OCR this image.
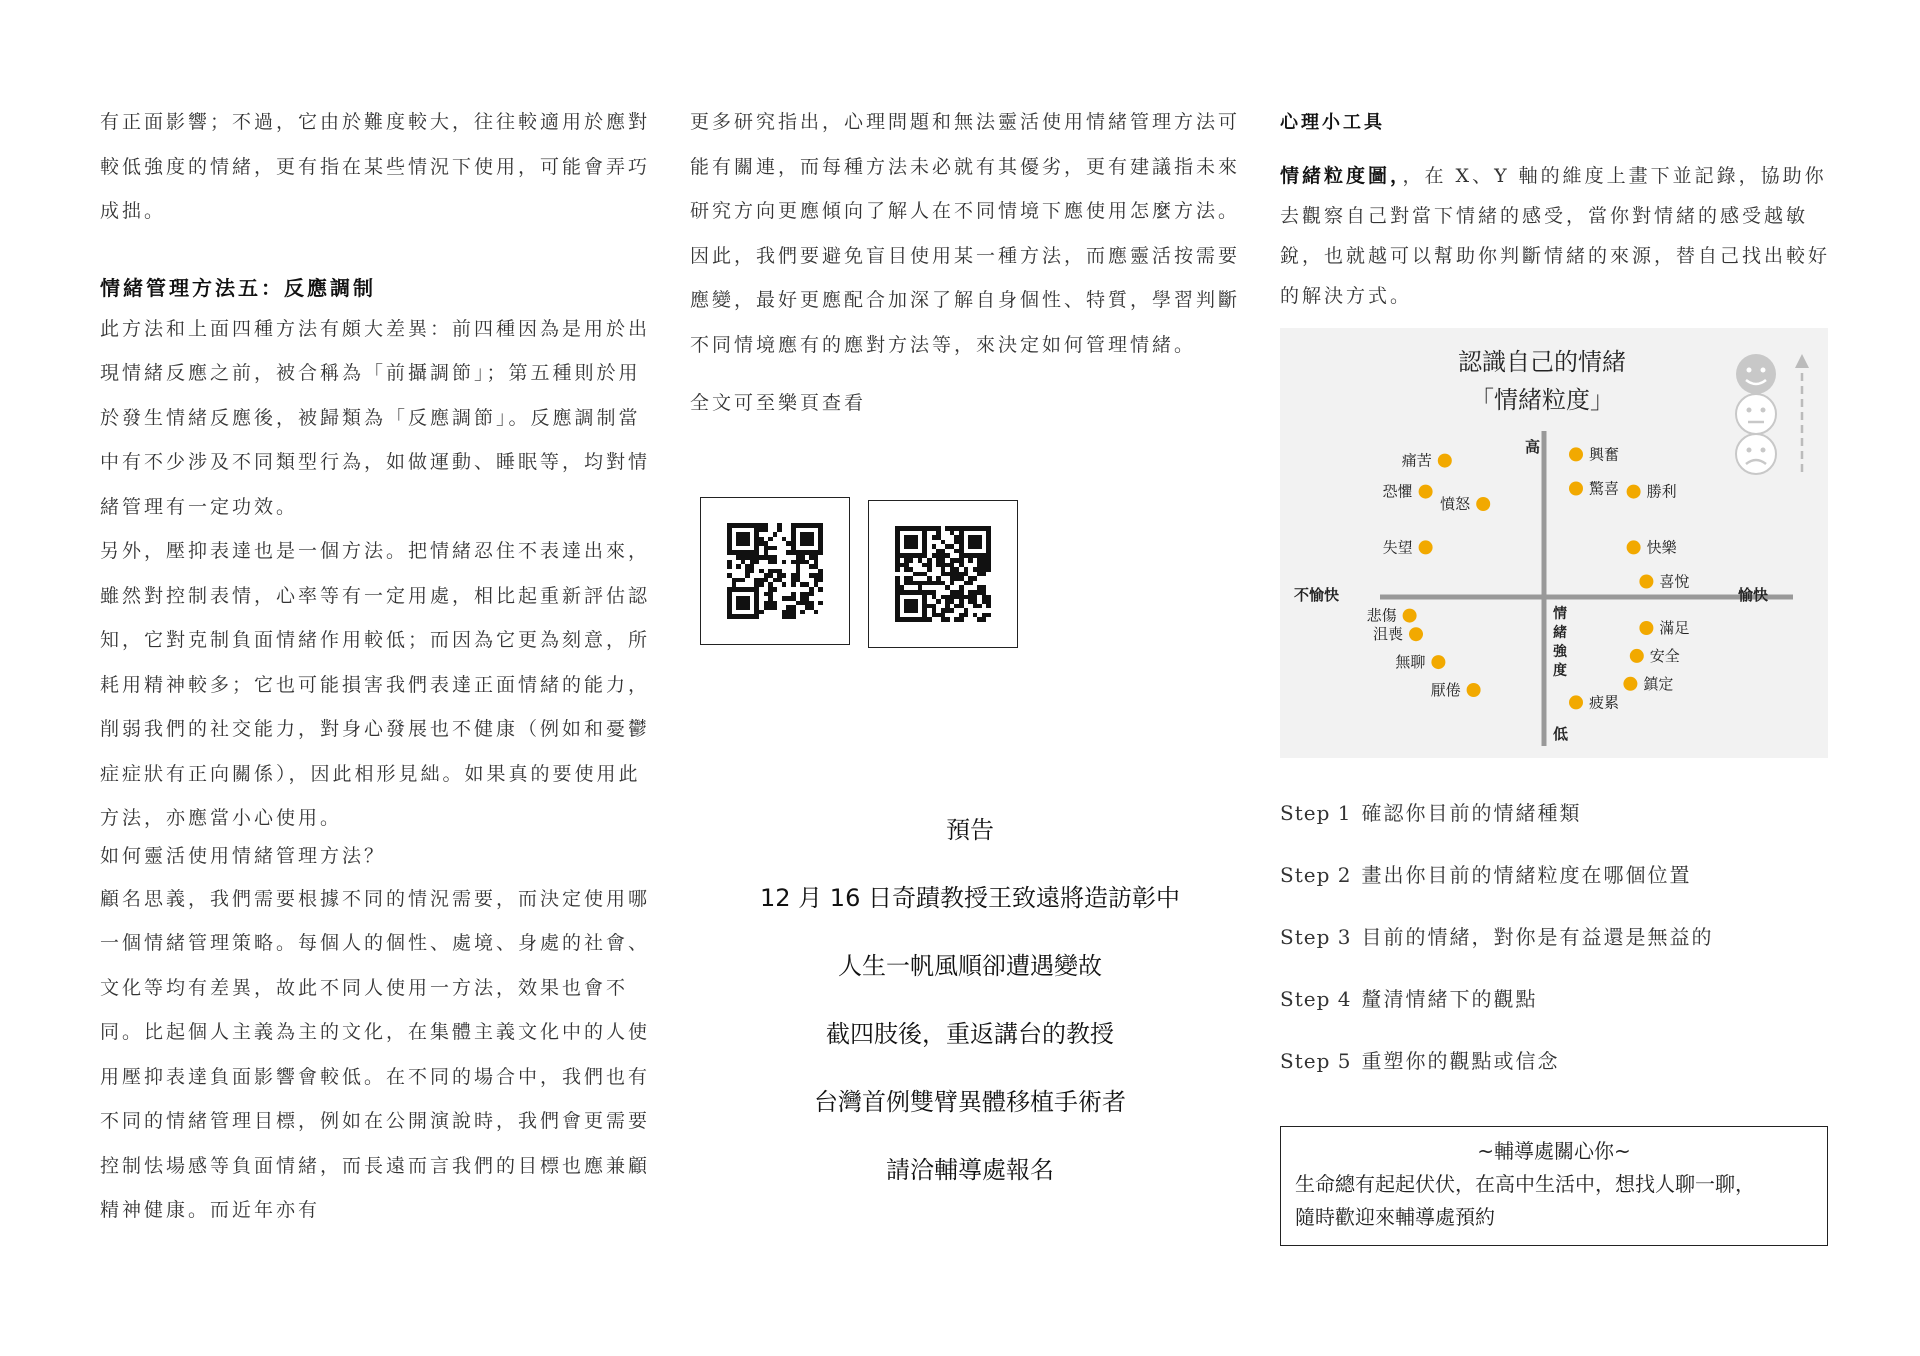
有正面影響；不過，它由於難度較大，往往較適用於應對較低強度的情緒，更有指在某些情況下使用，可能會弄巧成拙。

情緒管理方法五：反應調制

此方法和上面四種方法有頗大差異：前四種因為是用於出現情緒反應之前，被合稱為「前攝調節」；第五種則於用於發生情緒反應後，被歸類為「反應調節」。反應調制當中有不少涉及不同類型行為，如做運動、睡眠等，均對情緒管理有一定功效。

另外，壓抑表達也是一個方法。把情緒忍住不表達出來，雖然對控制表情，心率等有一定用處，相比起重新評估認知，它對克制負面情緒作用較低；而因為它更為刻意，所耗用精神較多；它也可能損害我們表達正面情緒的能力，削弱我們的社交能力，對身心發展也不健康（例如和憂鬱症症狀有正向關係），因此相形見絀。如果真的要使用此方法，亦應當小心使用。

如何靈活使用情緒管理方法？

顧名思義，我們需要根據不同的情況需要，而決定使用哪一個情緒管理策略。每個人的個性、處境、身處的社會、文化等均有差異，故此不同人使用一方法，效果也會不同。比起個人主義為主的文化，在集體主義文化中的人使用壓抑表達負面影響會較低。在不同的場合中，我們也有不同的情緒管理目標，例如在公開演說時，我們會更需要控制怯場感等負面情緒，而長遠而言我們的目標也應兼顧精神健康。而近年亦有

更多研究指出，心理問題和無法靈活使用情緒管理方法可能有關連，而每種方法未必就有其優劣，更有建議指未來研究方向更應傾向了解人在不同情境下應使用怎麼方法。因此，我們要避免盲目使用某一種方法，而應靈活按需要應變，最好更應配合加深了解自身個性、特質，學習判斷不同情境應有的應對方法等，來決定如何管理情緒。

全文可至樂頁查看

預告
12 月 16 日奇蹟教授王致遠將造訪彰中
人生一帆風順卻遭遇變故
截四肢後，重返講台的教授
台灣首例雙臂異體移植手術者
請洽輔導處報名

心理小工具

情緒粒度圖，，在 X、Y 軸的維度上畫下並記錄，協助你去觀察自己對當下情緒的感受，當你對情緒的感受越敏銳，也就越可以幫助你判斷情緒的來源，替自己找出較好的解決方式。

認識自己的情緒
「情緒粒度」
高
低
不愉快	愉快
情
緒
強
度
痛苦
恐懼
憤怒
失望
悲傷
沮喪
無聊
厭倦
疲累
興奮
驚喜 勝利
快樂
喜悅
滿足
安全
鎮定
~輔導處關心你~
生命總有起起伏伏，在高中生活中，想找人聊一聊，
隨時歡迎來輔導處預約
Step 1 確認你目前的情緒種類
Step 2 畫出你目前的情緒粒度在哪個位置
Step 3 目前的情緒，對你是有益還是無益的
Step 4 釐清情緒下的觀點
Step 5 重塑你的觀點或信念
